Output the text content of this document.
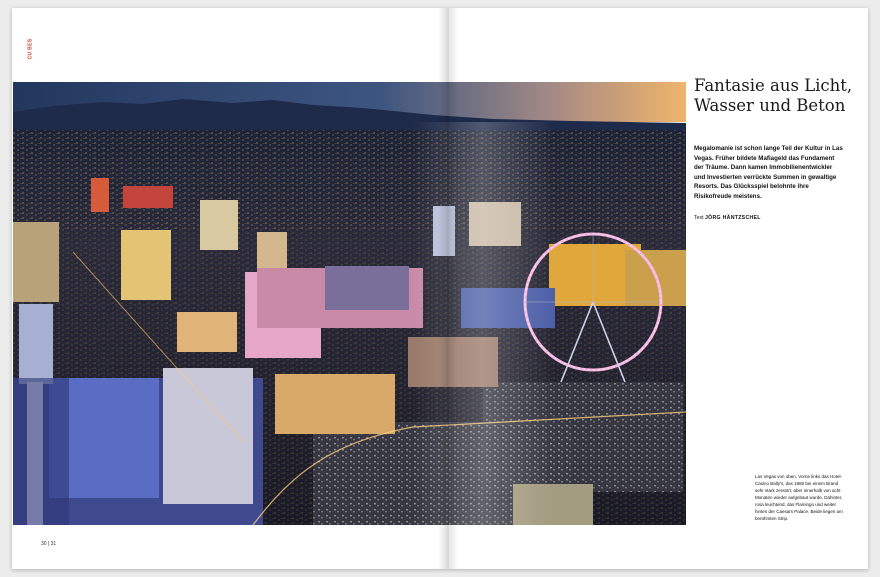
CU BES
30 | 31
Fantasie aus Licht, Wasser und Beton

Megalomanie ist schon lange Teil der Kultur in Las Vegas. Früher bildete Mafiageld das Fundament der Träume. Dann kamen Immobilienentwickler und Investierten verrückte Summen in gewaltige Resorts. Das Glücksspiel belohnte ihre Risikofreude meistens.

Text JÖRG HÄNTZSCHEL

Las Vegas von oben. Vorne links das Hotel-Casino Bally's, das 1980 bei einem Brand sehr stark zerstört, aber innerhalb von acht Monaten wieder aufgebaut wurde. Dahinter, rosa leuchtend, das Flamingo und weiter hinten der Caesars Palace. Beide liegen am berühmten Strip.
